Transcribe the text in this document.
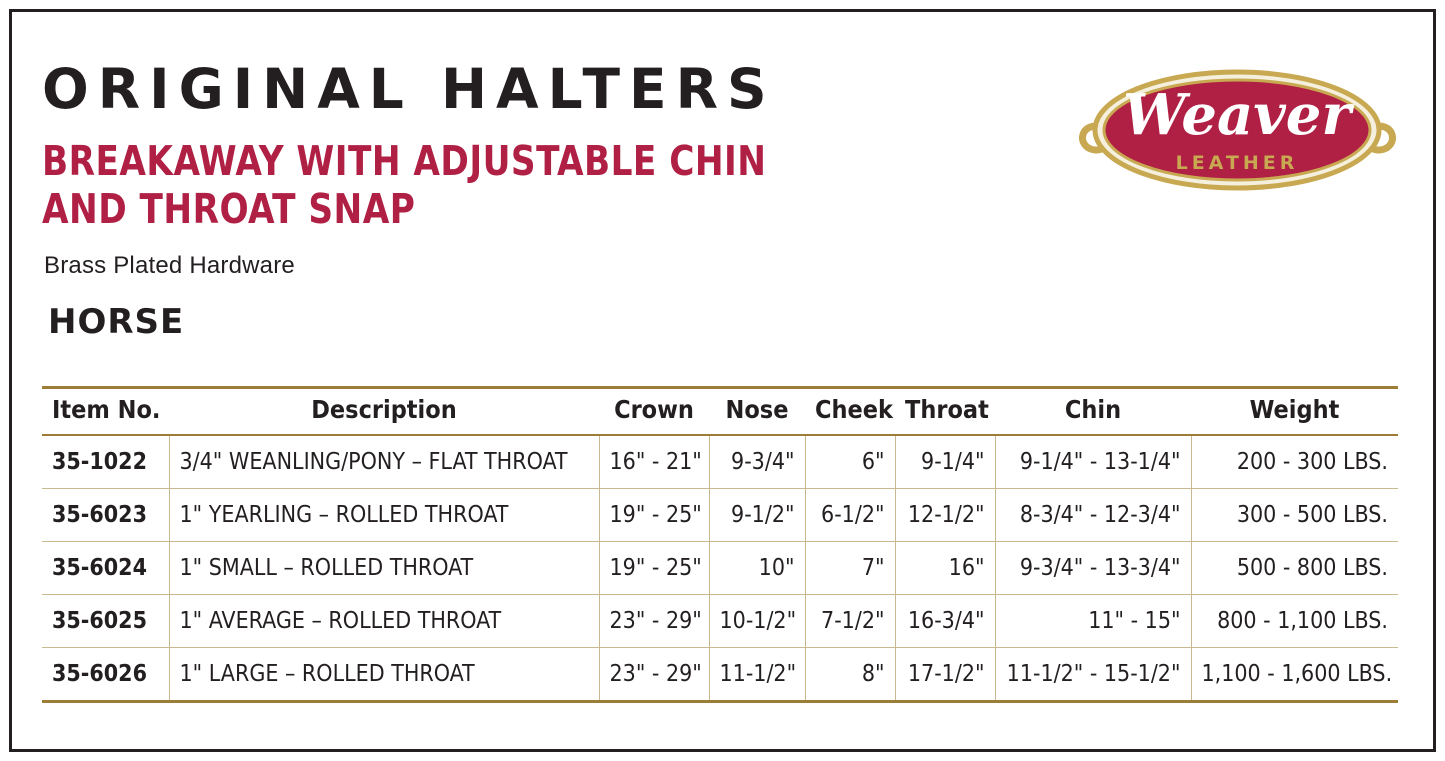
ORIGINAL HALTERS
BREAKAWAY WITH ADJUSTABLE CHIN AND THROAT SNAP
Brass Plated Hardware
HORSE
Weaver
LEATHER
Item No.	Description	Crown	Nose	Cheek	Throat	Chin	Weight
35-1022	3/4" WEANLING/PONY – FLAT THROAT	16" - 21"	9-3/4"	6"	9-1/4"	9-1/4" - 13-1/4"	200 - 300 LBS.
35-6023	1" YEARLING – ROLLED THROAT	19" - 25"	9-1/2"	6-1/2"	12-1/2"	8-3/4" - 12-3/4"	300 - 500 LBS.
35-6024	1" SMALL – ROLLED THROAT	19" - 25"	10"	7"	16"	9-3/4" - 13-3/4"	500 - 800 LBS.
35-6025	1" AVERAGE – ROLLED THROAT	23" - 29"	10-1/2"	7-1/2"	16-3/4"	11" - 15"	800 - 1,100 LBS.
35-6026	1" LARGE – ROLLED THROAT	23" - 29"	11-1/2"	8"	17-1/2"	11-1/2" - 15-1/2"	1,100 - 1,600 LBS.
